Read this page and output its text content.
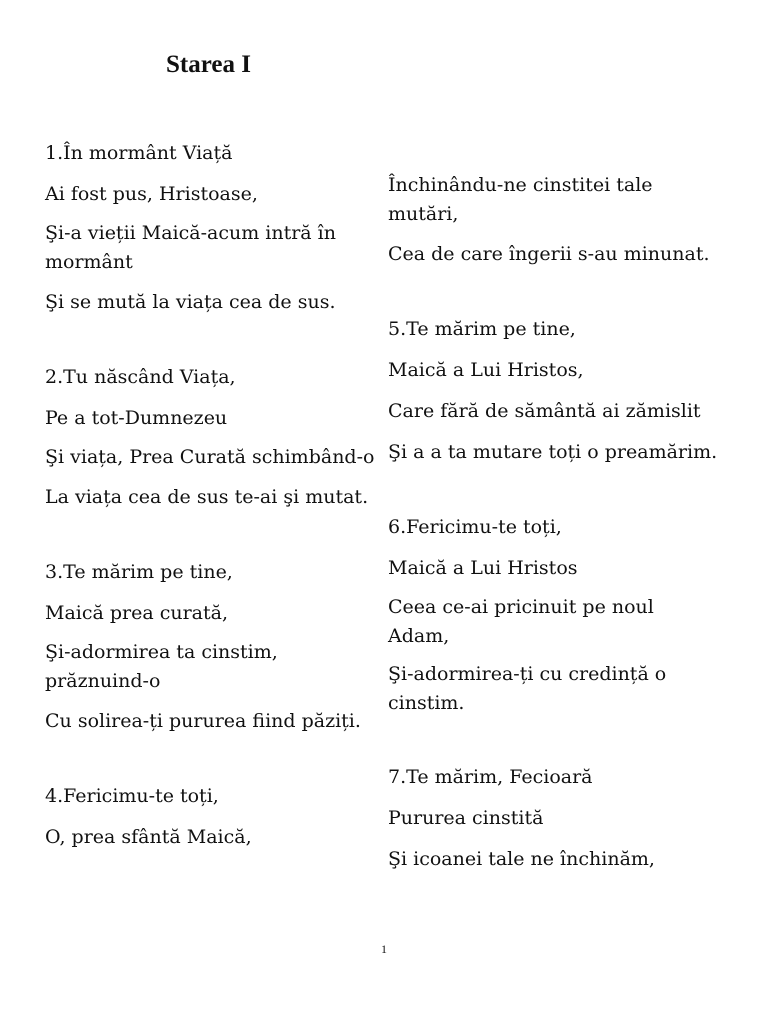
Starea I

1.În mormânt Viață

Ai fost pus, Hristoase,

Şi-a vieții Maică-acum intră în mormânt

Şi se mută la viața cea de sus.

2.Tu născând Viața,

Pe a tot-Dumnezeu

Şi viața, Prea Curată schimbând-o

La viața cea de sus te-ai şi mutat.

3.Te mărim pe tine,

Maică prea curată,

Şi-adormirea ta cinstim, prăznuind-o

Cu solirea-ți pururea fiind păziți.

4.Fericimu-te toți,

O, prea sfântă Maică,

Închinându-ne cinstitei tale mutări,

Cea de care îngerii s-au minunat.

5.Te mărim pe tine,

Maică a Lui Hristos,

Care fără de sământă ai zămislit

Şi a a ta mutare toți o preamărim.

6.Fericimu-te toți,

Maică a Lui Hristos

Ceea ce-ai pricinuit pe noul Adam,

Şi-adormirea-ți cu credință o cinstim.

7.Te mărim, Fecioară

Pururea cinstită

Şi icoanei tale ne închinăm,

1
